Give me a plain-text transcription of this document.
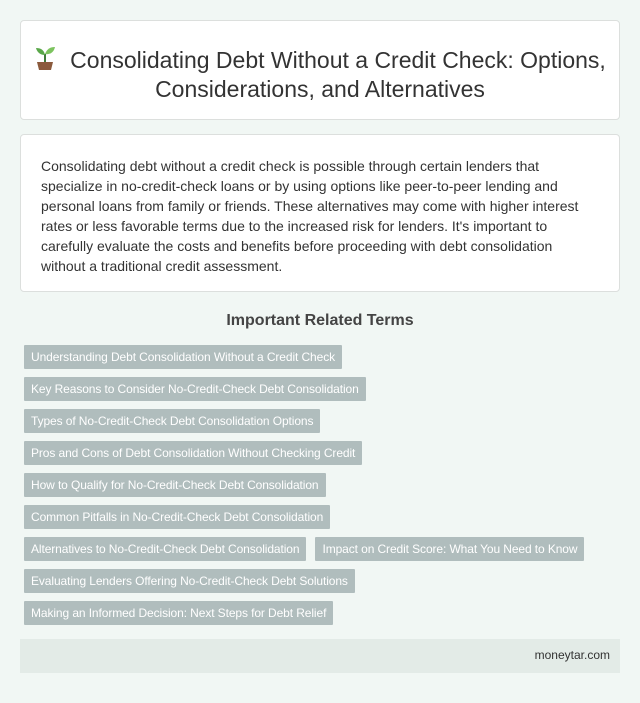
Consolidating Debt Without a Credit Check: Options, Considerations, and Alternatives

Consolidating debt without a credit check is possible through certain lenders that specialize in no-credit-check loans or by using options like peer-to-peer lending and personal loans from family or friends. These alternatives may come with higher interest rates or less favorable terms due to the increased risk for lenders. It's important to carefully evaluate the costs and benefits before proceeding with debt consolidation without a traditional credit assessment.

Important Related Terms
Understanding Debt Consolidation Without a Credit Check
Key Reasons to Consider No-Credit-Check Debt Consolidation
Types of No-Credit-Check Debt Consolidation Options
Pros and Cons of Debt Consolidation Without Checking Credit
How to Qualify for No-Credit-Check Debt Consolidation
Common Pitfalls in No-Credit-Check Debt Consolidation
Alternatives to No-Credit-Check Debt Consolidation	Impact on Credit Score: What You Need to Know
Evaluating Lenders Offering No-Credit-Check Debt Solutions
Making an Informed Decision: Next Steps for Debt Relief
moneytar.com
